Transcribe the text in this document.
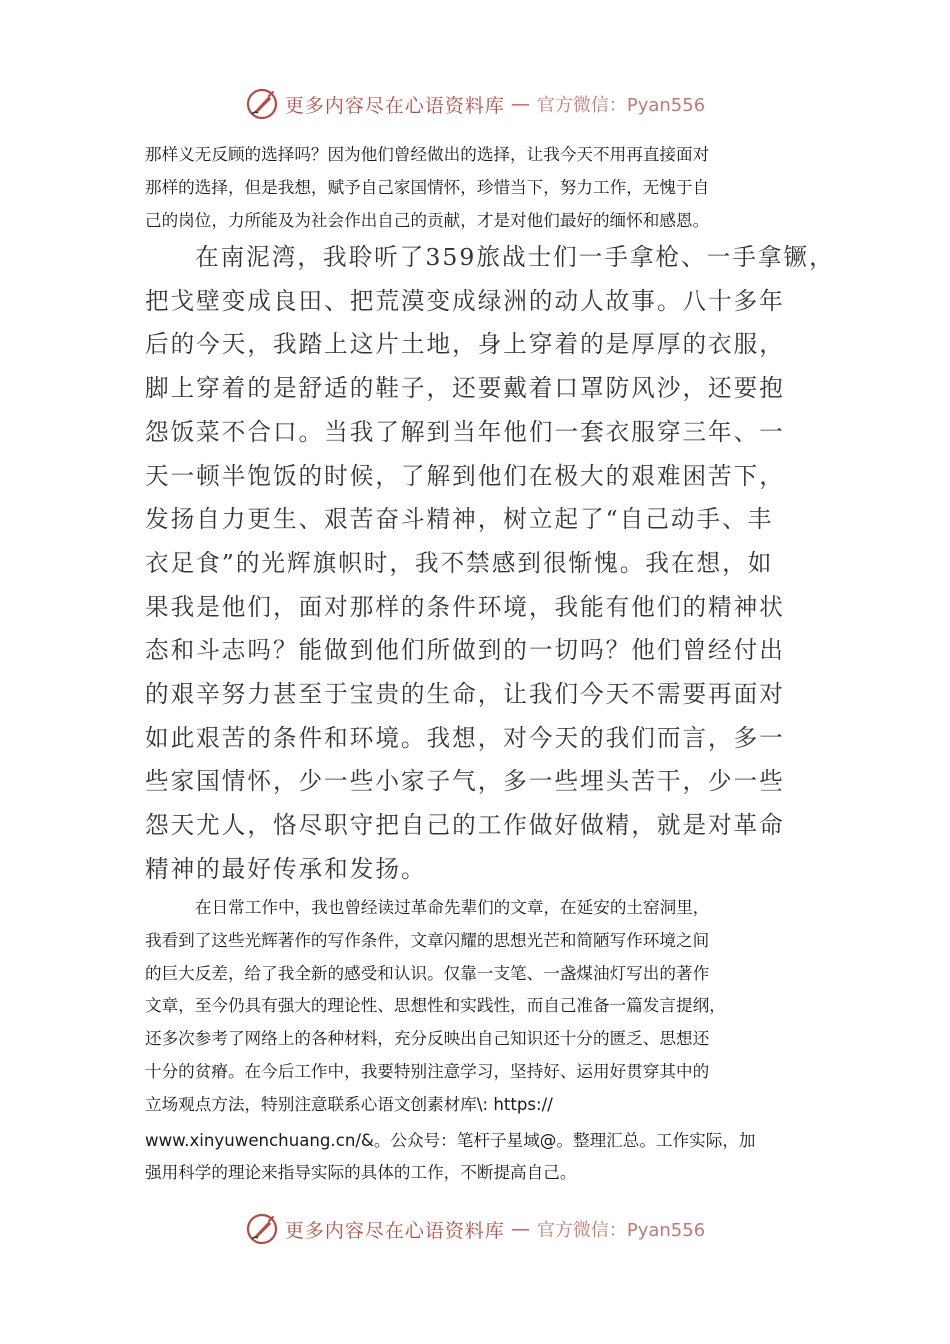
更多内容尽在心语资料库 — 官方微信：Pyan556

那样义无反顾的选择吗？因为他们曾经做出的选择，让我今天不用再直接面对
那样的选择，但是我想，赋予自己家国情怀，珍惜当下，努力工作，无愧于自
己的岗位，力所能及为社会作出自己的贡献，才是对他们最好的缅怀和感恩。

在南泥湾，我聆听了359旅战士们一手拿枪、一手拿镢，
把戈壁变成良田、把荒漠变成绿洲的动人故事。八十多年
后的今天，我踏上这片土地，身上穿着的是厚厚的衣服，
脚上穿着的是舒适的鞋子，还要戴着口罩防风沙，还要抱
怨饭菜不合口。当我了解到当年他们一套衣服穿三年、一
天一顿半饱饭的时候，了解到他们在极大的艰难困苦下，
发扬自力更生、艰苦奋斗精神，树立起了“自己动手、丰
衣足食”的光辉旗帜时，我不禁感到很惭愧。我在想，如
果我是他们，面对那样的条件环境，我能有他们的精神状
态和斗志吗？能做到他们所做到的一切吗？他们曾经付出
的艰辛努力甚至于宝贵的生命，让我们今天不需要再面对
如此艰苦的条件和环境。我想，对今天的我们而言，多一
些家国情怀，少一些小家子气，多一些埋头苦干，少一些
怨天尤人，恪尽职守把自己的工作做好做精，就是对革命
精神的最好传承和发扬。

在日常工作中，我也曾经读过革命先辈们的文章，在延安的土窑洞里，
我看到了这些光辉著作的写作条件，文章闪耀的思想光芒和简陋写作环境之间
的巨大反差，给了我全新的感受和认识。仅靠一支笔、一盏煤油灯写出的著作
文章，至今仍具有强大的理论性、思想性和实践性，而自己准备一篇发言提纲，
还多次参考了网络上的各种材料，充分反映出自己知识还十分的匮乏、思想还
十分的贫瘠。在今后工作中，我要特别注意学习，坚持好、运用好贯穿其中的
立场观点方法，特别注意联系心语文创素材库\: https://
www.xinyuwenchuang.cn/&。公众号：笔杆子星域@。整理汇总。工作实际，加
强用科学的理论来指导实际的具体的工作，不断提高自己。

更多内容尽在心语资料库 — 官方微信：Pyan556
